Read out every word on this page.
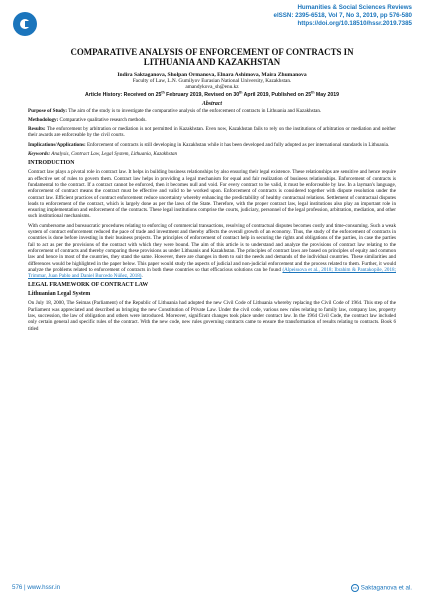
Humanities & Social Sciences Reviews
eISSN: 2395-6518, Vol 7, No 3, 2019, pp 576-580
https://doi.org/10.18510/hssr.2019.7385
COMPARATIVE ANALYSIS OF ENFORCEMENT OF CONTRACTS IN
LITHUANIA AND KAZAKHSTAN
Indira Saktaganova, Sholpan Ormanova, Elnara Ashimova, Maira Zhumanova
Faculty of Law, L.N. Gumilyov Eurasian National University, Kazakhstan.
amandykova_sh@enu.kz
Article History: Received on 25th February 2019, Revised on 30th April 2019, Published on 25th May 2019
Abstract

Purpose of Study: The aim of the study is to investigate the comparative analysis of the enforcement of contracts in Lithuania and Kazakhstan.

Methodology: Comparative qualitative research methods.

Results: The enforcement by arbitration or mediation is not permitted in Kazakhstan. Even now, Kazakhstan fails to rely on the institutions of arbitration or mediation and neither their awards are enforceable by the civil courts.

Implications/Applications: Enforcement of contracts is still developing in Kazakhstan while it has been developed and fully adopted as per international standards in Lithuania.

Keywords: Analysis, Contract Law, Legal System, Lithuania, Kazakhstan

INTRODUCTION

Contract law plays a pivotal role in contract law. It helps in building business relationships by also ensuring their legal existence. These relationships are sensitive and hence require an effective set of rules to govern them. Contract law helps in providing a legal mechanism for equal and fair realization of business relationships. Enforcement of contracts is fundamental to the contract. If a contract cannot be enforced, then it becomes null and void. For every contract to be valid, it must be enforceable by law. In a layman's language, enforcement of contract means the contract must be effective and valid to be worked upon. Enforcement of contracts is considered together with dispute resolution under the contract law. Efficient practices of contract enforcement reduce uncertainty whereby enhancing the predictability of healthy contractual relations. Settlement of contractual disputes leads to enforcement of the contract, which is largely done as per the laws of the State. Therefore, with the proper contract law, legal institutions also play an important role in ensuring implementation and enforcement of the contracts. These legal institutions comprise the courts, judiciary, personnel of the legal profession, arbitration, mediation, and other such institutional mechanisms.

With cumbersome and bureaucratic procedures relating to enforcing of commercial transactions, resolving of contractual disputes becomes costly and time-consuming. Such a weak system of contract enforcement reduced the pace of trade and investment and thereby affects the overall growth of an economy. Thus, the study of the enforcement of contracts in countries is done before investing in their business projects. The principles of enforcement of contract help in securing the rights and obligations of the parties, in case the parties fail to act as per the provisions of the contract with which they were bound. The aim of this article is to understand and analyze the provisions of contract law relating to the enforcement of contracts and thereby comparing these provisions as under Lithuanis and Kazakhstan. The principles of contract laws are based on principles of equity and common law and hence in most of the countries, they stand the same. However, there are changes in them to suit the needs and demands of the individual countries. These similarities and differences would be highlighted in the paper below. This paper would study the aspects of judicial and non-judicial enforcement and the process related to them. Further, it would analyze the problems related to enforcement of contracts in both these countries so that efficacious solutions can be found (Alpeissova et al., 2018; Ibrahim & Pantakopile, 2018; Trimmar, Juan Pablo and Daniel Burcedo Núñez, 2018).

LEGAL FRAMEWORK OF CONTRACT LAW
Lithuanian Legal System

On July 18, 2000, The Seimas (Parliament) of the Republic of Lithuania had adopted the new Civil Code of Lithuania whereby replacing the Civil Code of 1964. This step of the Parliament was appreciated and described as bringing the new Constitution of Private Law. Under the civil code, various new rules relating to family law, company law, property law, succession, the law of obligation and others were introduced. Moreover, significant changes took place under contract law. In the 1964 Civil Code, the contract law included only certain general and specific rules of the contract. With the new code, new rules governing contracts came to ensure the transformation of results relating to contracts. Book 6 titled

576 | www.hssr.in	cc Saktaganova et al.
